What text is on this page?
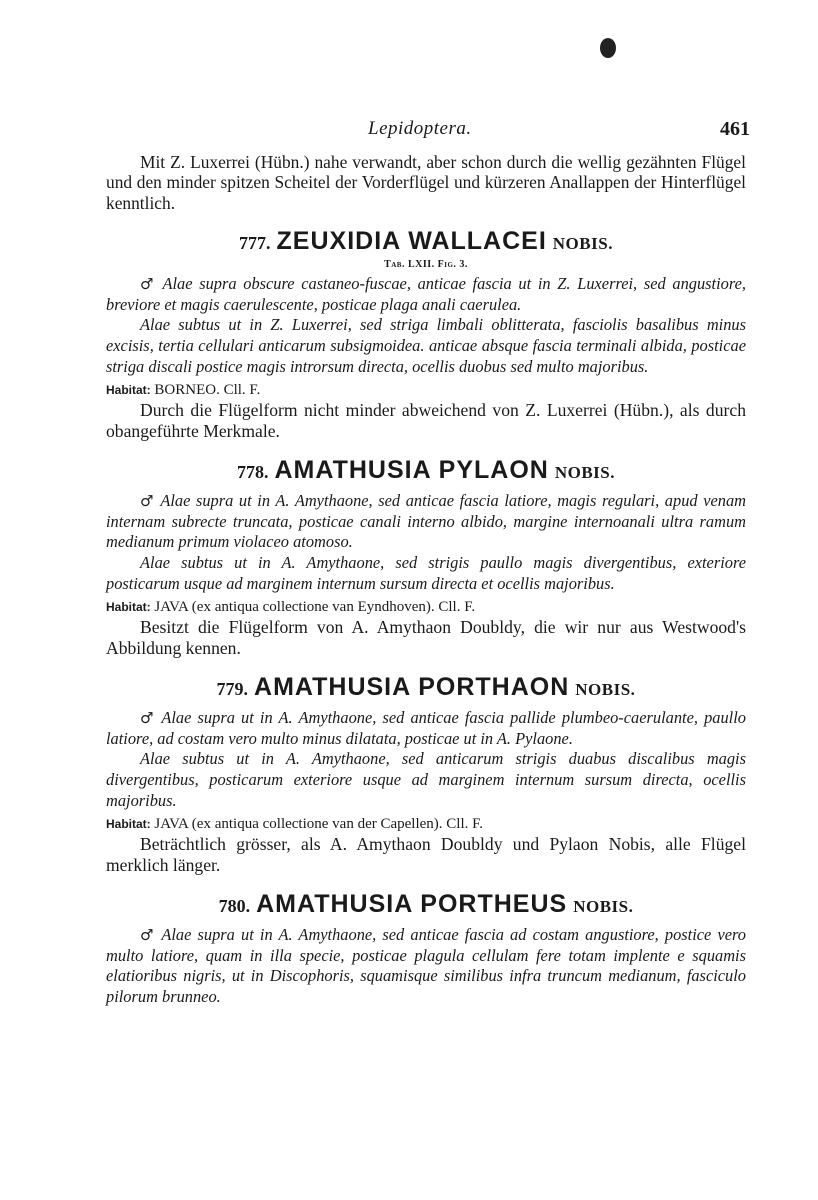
Lepidoptera.	461

Mit Z. Luxerrei (Hübn.) nahe verwandt, aber schon durch die wellig gezähnten Flügel und den minder spitzen Scheitel der Vorderflügel und kürzeren Anallappen der Hinterflügel kenntlich.

777. ZEUXIDIA WALLACEI NOBIS.
Tab. LXII. Fig. 3.

♂ Alae supra obscure castaneo-fuscae, anticae fascia ut in Z. Luxerrei, sed angustiore, breviore et magis caerulescente, posticae plaga anali caerulea.

Alae subtus ut in Z. Luxerrei, sed striga limbali oblitterata, fasciolis basalibus minus excisis, tertia cellulari anticarum subsigmoidea. anticae absque fascia terminali albida, posticae striga discali postice magis introrsum directa, ocellis duobus sed multo majoribus.

Habitat: BORNEO. Cll. F.

Durch die Flügelform nicht minder abweichend von Z. Luxerrei (Hübn.), als durch obangeführte Merkmale.

778. AMATHUSIA PYLAON NOBIS.

♂ Alae supra ut in A. Amythaone, sed anticae fascia latiore, magis regulari, apud venam internam subrecte truncata, posticae canali interno albido, margine internoanali ultra ramum medianum primum violaceo atomoso.

Alae subtus ut in A. Amythaone, sed strigis paullo magis divergentibus, exteriore posticarum usque ad marginem internum sursum directa et ocellis majoribus.

Habitat: JAVA (ex antiqua collectione van Eyndhoven). Cll. F.

Besitzt die Flügelform von A. Amythaon Doubldy, die wir nur aus Westwood's Abbildung kennen.

779. AMATHUSIA PORTHAON NOBIS.

♂ Alae supra ut in A. Amythaone, sed anticae fascia pallide plumbeo-caerulante, paullo latiore, ad costam vero multo minus dilatata, posticae ut in A. Pylaone.

Alae subtus ut in A. Amythaone, sed anticarum strigis duabus discalibus magis divergentibus, posticarum exteriore usque ad marginem internum sursum directa, ocellis majoribus.

Habitat: JAVA (ex antiqua collectione van der Capellen). Cll. F.

Beträchtlich grösser, als A. Amythaon Doubldy und Pylaon Nobis, alle Flügel merklich länger.

780. AMATHUSIA PORTHEUS NOBIS.

♂ Alae supra ut in A. Amythaone, sed anticae fascia ad costam angustiore, postice vero multo latiore, quam in illa specie, posticae plagula cellulam fere totam implente e squamis elatioribus nigris, ut in Discophoris, squamisque similibus infra truncum medianum, fasciculo pilorum brunneo.
